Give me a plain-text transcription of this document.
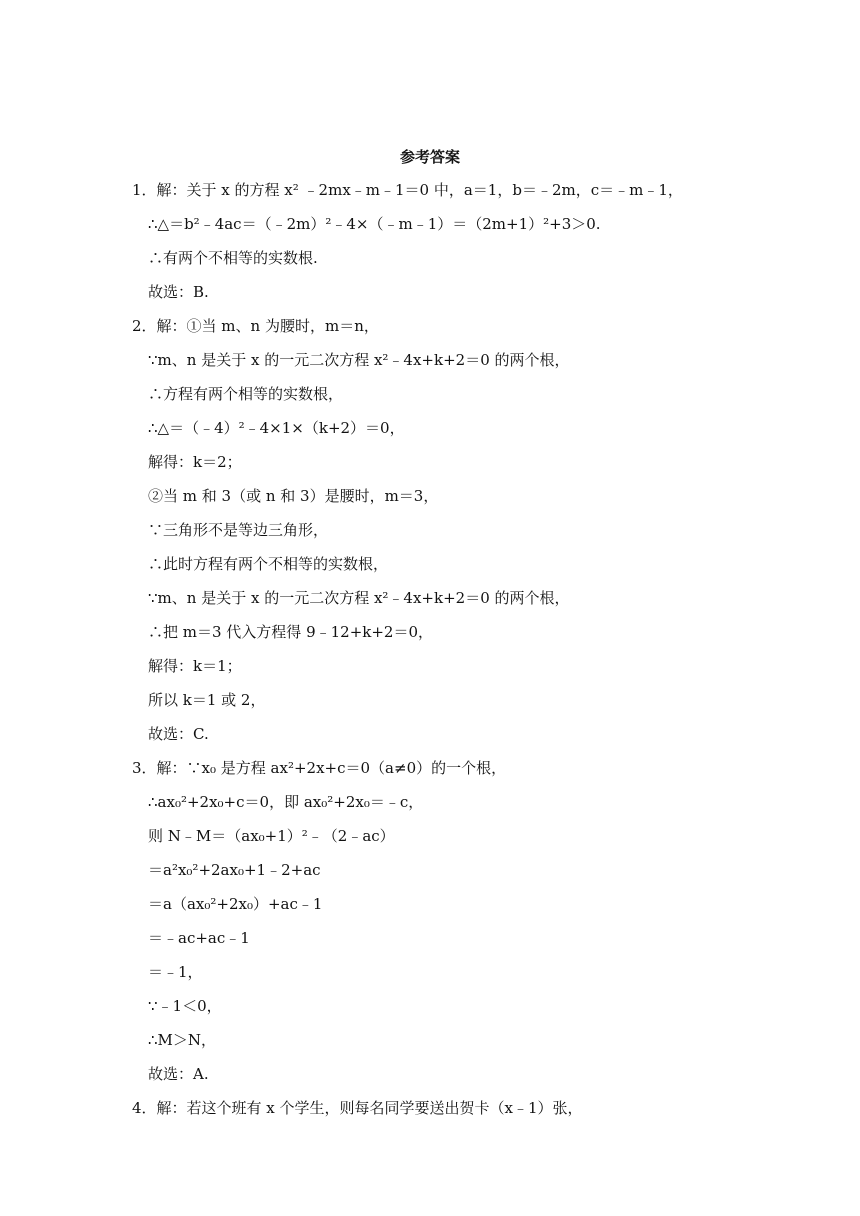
参考答案
1．解：关于 x 的方程 x² ﹣2mx﹣m﹣1＝0 中，a＝1，b＝﹣2m，c＝﹣m﹣1，
∴△＝b²﹣4ac＝（﹣2m）²﹣4×（﹣m﹣1）＝（2m+1）²+3＞0.
∴有两个不相等的实数根.
故选：B.
2．解：①当 m、n 为腰时，m＝n，
∵m、n 是关于 x 的一元二次方程 x²﹣4x+k+2＝0 的两个根，
∴方程有两个相等的实数根，
∴△＝（﹣4）²﹣4×1×（k+2）＝0，
解得：k＝2；
②当 m 和 3（或 n 和 3）是腰时，m＝3，
∵三角形不是等边三角形，
∴此时方程有两个不相等的实数根，
∵m、n 是关于 x 的一元二次方程 x²﹣4x+k+2＝0 的两个根，
∴把 m＝3 代入方程得 9﹣12+k+2＝0，
解得：k＝1；
所以 k＝1 或 2，
故选：C.
3．解：∵x₀ 是方程 ax²+2x+c＝0（a≠0）的一个根，
∴ax₀²+2x₀+c＝0，即 ax₀²+2x₀＝﹣c，
则 N﹣M＝（ax₀+1）²﹣（2﹣ac）
＝a²x₀²+2ax₀+1﹣2+ac
＝a（ax₀²+2x₀）+ac﹣1
＝﹣ac+ac﹣1
＝﹣1，
∵﹣1＜0，
∴M＞N，
故选：A.
4．解：若这个班有 x 个学生，则每名同学要送出贺卡（x﹣1）张，
